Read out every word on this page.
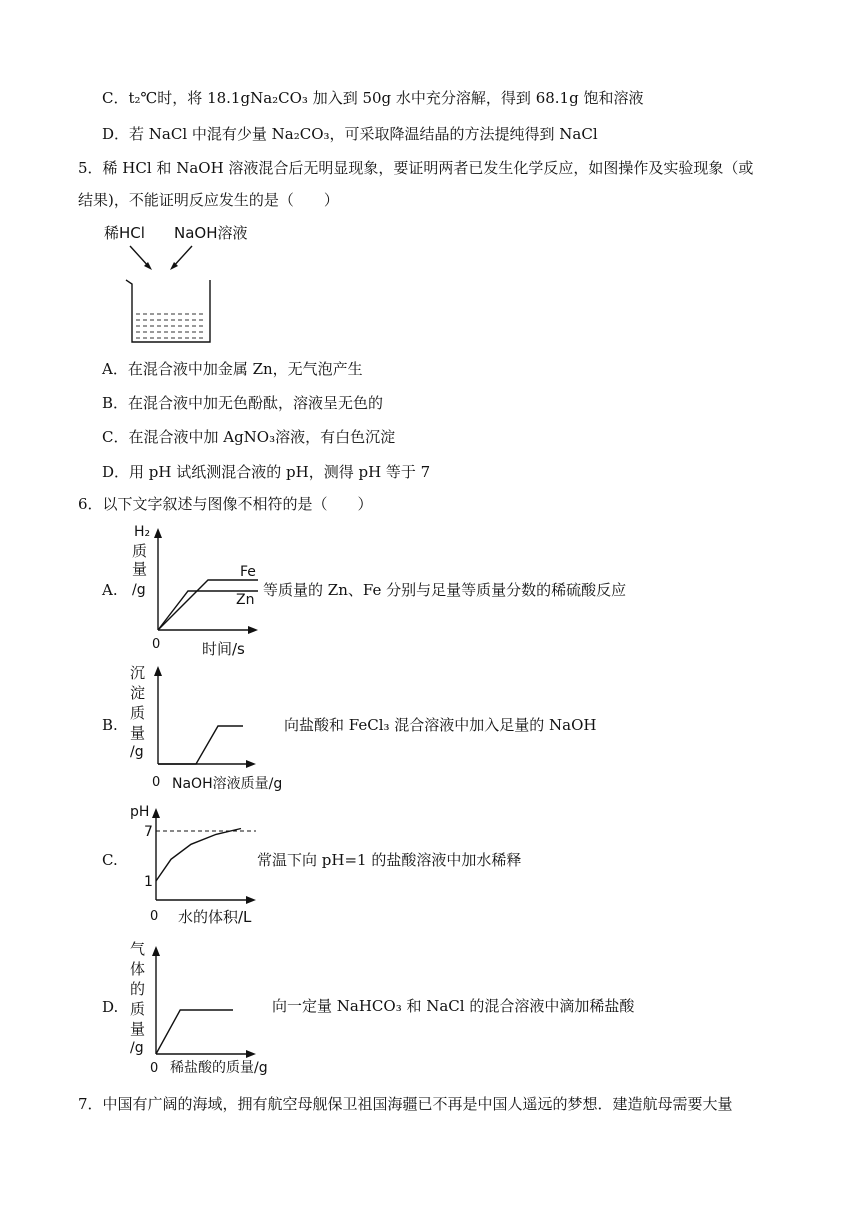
C．t₂℃时，将 18.1gNa₂CO₃ 加入到 50g 水中充分溶解，得到 68.1g 饱和溶液
D．若 NaCl 中混有少量 Na₂CO₃，可采取降温结晶的方法提纯得到 NaCl
5．稀 HCl 和 NaOH 溶液混合后无明显现象，要证明两者已发生化学反应，如图操作及实验现象（或
结果)，不能证明反应发生的是（　　）
稀HCl NaOH溶液
A．在混合液中加金属 Zn，无气泡产生
B．在混合液中加无色酚酞，溶液呈无色的
C．在混合液中加 AgNO₃溶液，有白色沉淀
D．用 pH 试纸测混合液的 pH，测得 pH 等于 7
6．以下文字叙述与图像不相符的是（　　）
A.
H₂
质
量
/g
0	时间/s
Fe
Zn
等质量的 Zn、Fe 分别与足量等质量分数的稀硫酸反应
B.
沉
淀
质
量
/g
0 NaOH溶液质量/g
向盐酸和 FeCl₃ 混合溶液中加入足量的 NaOH
C.
pH
7
1
0 水的体积/L
常温下向 pH=1 的盐酸溶液中加水稀释
D.
气
体
的
质
量
/g
0 稀盐酸的质量/g
向一定量 NaHCO₃ 和 NaCl 的混合溶液中滴加稀盐酸
7．中国有广阔的海域，拥有航空母舰保卫祖国海疆已不再是中国人遥远的梦想．建造航母需要大量
